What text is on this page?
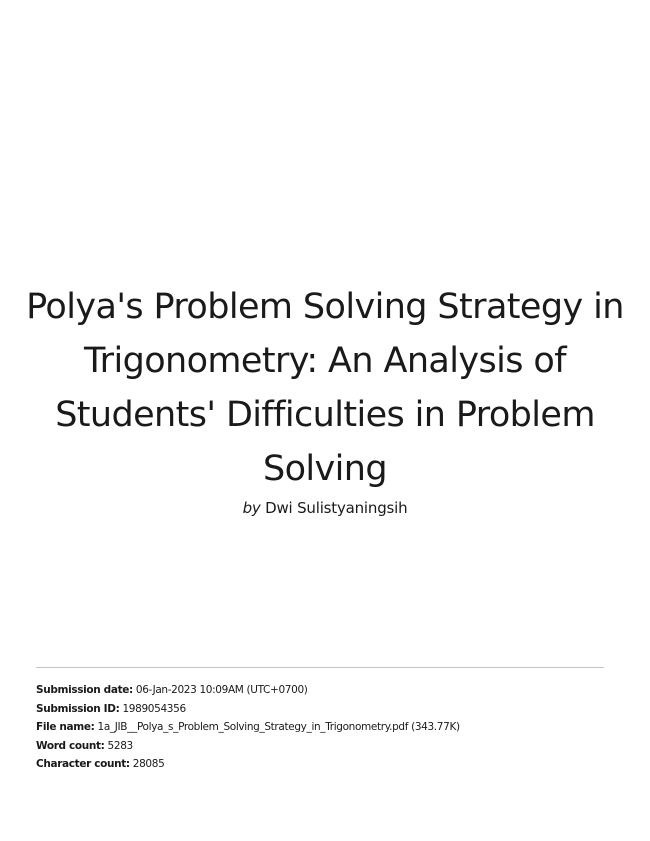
Polya's Problem Solving Strategy in Trigonometry: An Analysis of Students' Difficulties in Problem Solving
by Dwi Sulistyaningsih
Submission date: 06-Jan-2023 10:09AM (UTC+0700)
Submission ID: 1989054356
File name: 1a_JIB__Polya_s_Problem_Solving_Strategy_in_Trigonometry.pdf (343.77K)
Word count: 5283
Character count: 28085
